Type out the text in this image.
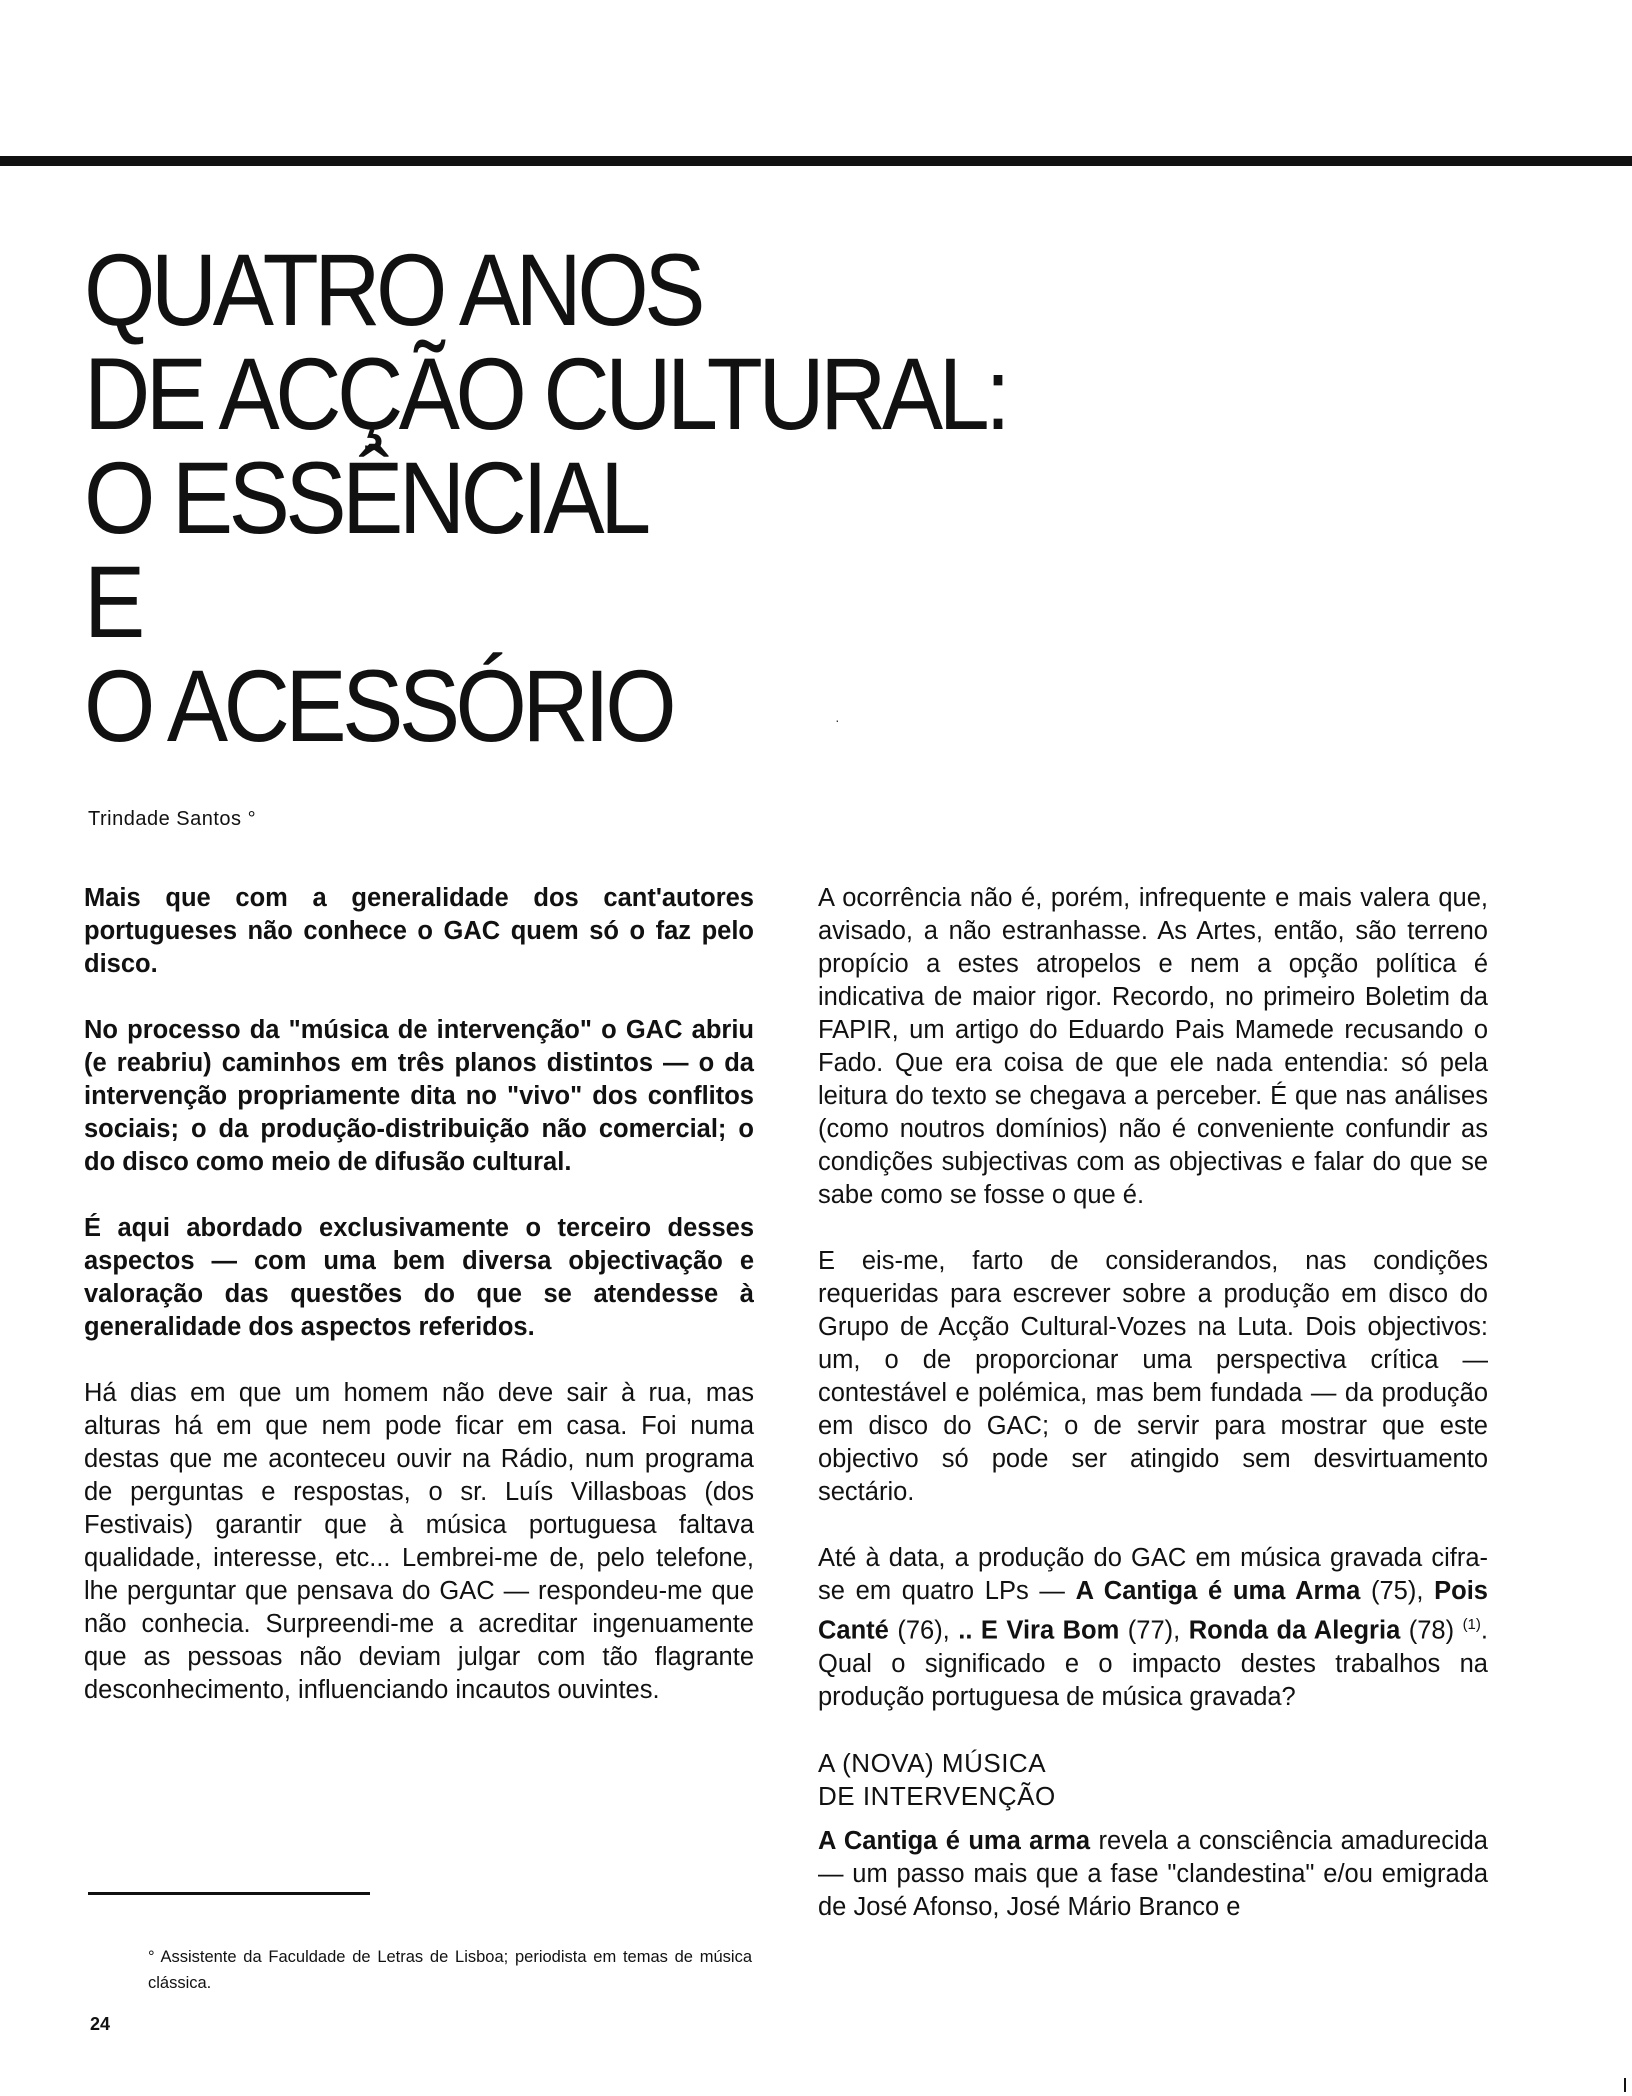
QUATRO ANOS
DE ACÇÃO CULTURAL:
O ESSÊNCIAL
E
O ACESSÓRIO	·
Trindade Santos °

Mais que com a generalidade dos cant'autores portugueses não conhece o GAC quem só o faz pelo disco.

No processo da "música de intervenção" o GAC abriu (e reabriu) caminhos em três planos distintos — o da intervenção propriamente dita no "vivo" dos conflitos sociais; o da produção-distribuição não comercial; o do disco como meio de difusão cultural.

É aqui abordado exclusivamente o terceiro desses aspectos — com uma bem diversa objectivação e valoração das questões do que se atendesse à generalidade dos aspectos referidos.

Há dias em que um homem não deve sair à rua, mas alturas há em que nem pode ficar em casa. Foi numa destas que me aconteceu ouvir na Rádio, num programa de perguntas e respostas, o sr. Luís Villasboas (dos Festivais) garantir que à música portuguesa faltava qualidade, interesse, etc... Lembrei-me de, pelo telefone, lhe perguntar que pensava do GAC — respondeu-me que não conhecia. Surpreendi-me a acreditar ingenuamente que as pessoas não deviam julgar com tão flagrante desconhecimento, influenciando incautos ouvintes.

A ocorrência não é, porém, infrequente e mais valera que, avisado, a não estranhasse. As Artes, então, são terreno propício a estes atropelos e nem a opção política é indicativa de maior rigor. Recordo, no primeiro Boletim da FAPIR, um artigo do Eduardo Pais Mamede recusando o Fado. Que era coisa de que ele nada entendia: só pela leitura do texto se chegava a perceber. É que nas análises (como noutros domínios) não é conveniente confundir as condições subjectivas com as objectivas e falar do que se sabe como se fosse o que é.

E eis-me, farto de considerandos, nas condições requeridas para escrever sobre a produção em disco do Grupo de Acção Cultural-Vozes na Luta. Dois objectivos: um, o de proporcionar uma perspectiva crítica — contestável e polémica, mas bem fundada — da produção em disco do GAC; o de servir para mostrar que este objectivo só pode ser atingido sem desvirtuamento sectário.

Até à data, a produção do GAC em música gravada cifra-se em quatro LPs — A Cantiga é uma Arma (75), Pois Canté (76), .. E Vira Bom (77), Ronda da Alegria (78) $^{(1)}$. Qual o significado e o impacto destes trabalhos na produção portuguesa de música gravada?

A (NOVA) MÚSICA
DE INTERVENÇÃO

A Cantiga é uma arma revela a consciência amadurecida — um passo mais que a fase "clandestina" e/ou emigrada de José Afonso, José Mário Branco e

° Assistente da Faculdade de Letras de Lisboa; periodista em temas de música clássica.
24
